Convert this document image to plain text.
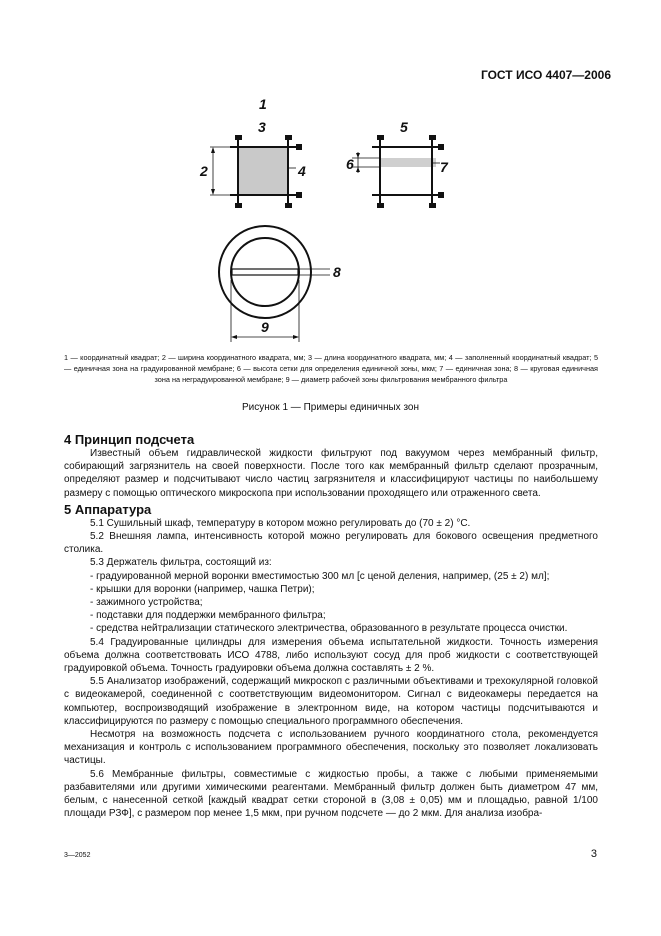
ГОСТ ИСО 4407—2006
1
3
2	4
5
6	7
8
9
1 — координатный квадрат; 2 — ширина координатного квадрата, мм; 3 — длина координатного квадрата, мм; 4 — заполненный координатный квадрат; 5 — единичная зона на градуированной мембране; 6 — высота сетки для определения единичной зоны, мкм; 7 — единичная зона; 8 — круговая единичная зона на неградуированной мембране; 9 — диаметр рабочей зоны фильтрования мембранного фильтра
Рисунок 1 — Примеры единичных зон
4 Принцип подсчета

Известный объем гидравлической жидкости фильтруют под вакуумом через мембранный фильтр, собирающий загрязнитель на своей поверхности. После того как мембранный фильтр сделают прозрачным, определяют размер и подсчитывают число частиц загрязнителя и классифицируют частицы по наибольшему размеру с помощью оптического микроскопа при использовании проходящего или отраженного света.

5 Аппаратура

5.1 Сушильный шкаф, температуру в котором можно регулировать до (70 ± 2) °С.

5.2 Внешняя лампа, интенсивность которой можно регулировать для бокового освещения предметного столика.

5.3 Держатель фильтра, состоящий из:

- градуированной мерной воронки вместимостью 300 мл [с ценой деления, например, (25 ± 2) мл];

- крышки для воронки (например, чашка Петри);

- зажимного устройства;

- подставки для поддержки мембранного фильтра;

- средства нейтрализации статического электричества, образованного в результате процесса очистки.

5.4 Градуированные цилиндры для измерения объема испытательной жидкости. Точность измерения объема должна соответствовать ИСО 4788, либо используют сосуд для проб жидкости с соответствующей градуировкой объема. Точность градуировки объема должна составлять ± 2 %.

5.5 Анализатор изображений, содержащий микроскоп с различными объективами и трехокулярной головкой с видеокамерой, соединенной с соответствующим видеомонитором. Сигнал с видеокамеры передается на компьютер, воспроизводящий изображение в электронном виде, на котором частицы подсчитываются и классифицируются по размеру с помощью специального программного обеспечения.

Несмотря на возможность подсчета с использованием ручного координатного стола, рекомендуется механизация и контроль с использованием программного обеспечения, поскольку это позволяет локализовать частицы.

5.6 Мембранные фильтры, совместимые с жидкостью пробы, а также с любыми применяемыми разбавителями или другими химическими реагентами. Мембранный фильтр должен быть диаметром 47 мм, белым, с нанесенной сеткой [каждый квадрат сетки стороной в (3,08 ± 0,05) мм и площадью, равной 1/100 площади РЗФ], с размером пор менее 1,5 мкм, при ручном подсчете — до 2 мкм. Для анализа изобра-

3—2052	3
